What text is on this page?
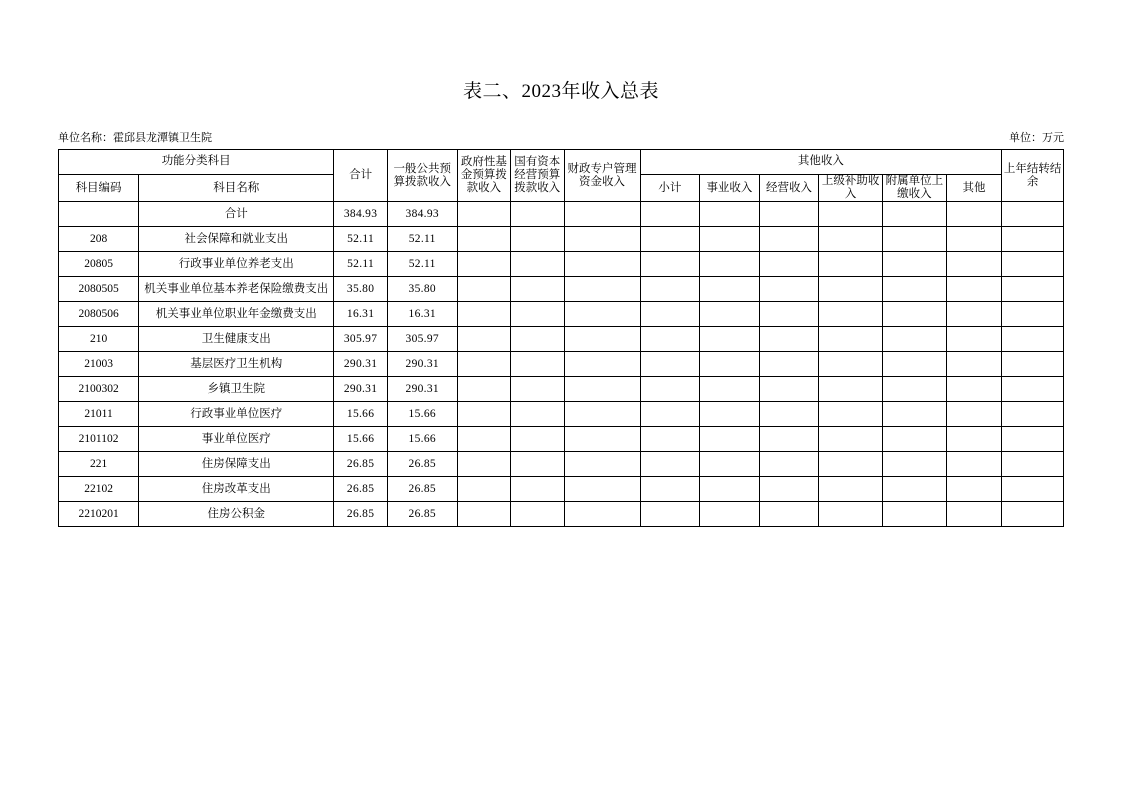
表二、2023年收入总表
单位名称：霍邱县龙潭镇卫生院	单位：万元
功能分类科目		合计	一般公共预算拨款收入	政府性基金预算拨款收入	国有资本经营预算拨款收入	财政专户管理资金收入	其他收入						上年结转结余
科目编码	科目名称						小计	事业收入	经营收入	上级补助收入	附属单位上缴收入	其他	
	合计	384.93	384.93										
208	社会保障和就业支出	52.11	52.11										
20805	行政事业单位养老支出	52.11	52.11										
2080505	机关事业单位基本养老保险缴费支出	35.80	35.80										
2080506	机关事业单位职业年金缴费支出	16.31	16.31										
210	卫生健康支出	305.97	305.97										
21003	基层医疗卫生机构	290.31	290.31										
2100302	乡镇卫生院	290.31	290.31										
21011	行政事业单位医疗	15.66	15.66										
2101102	事业单位医疗	15.66	15.66										
221	住房保障支出	26.85	26.85										
22102	住房改革支出	26.85	26.85										
2210201	住房公积金	26.85	26.85										
